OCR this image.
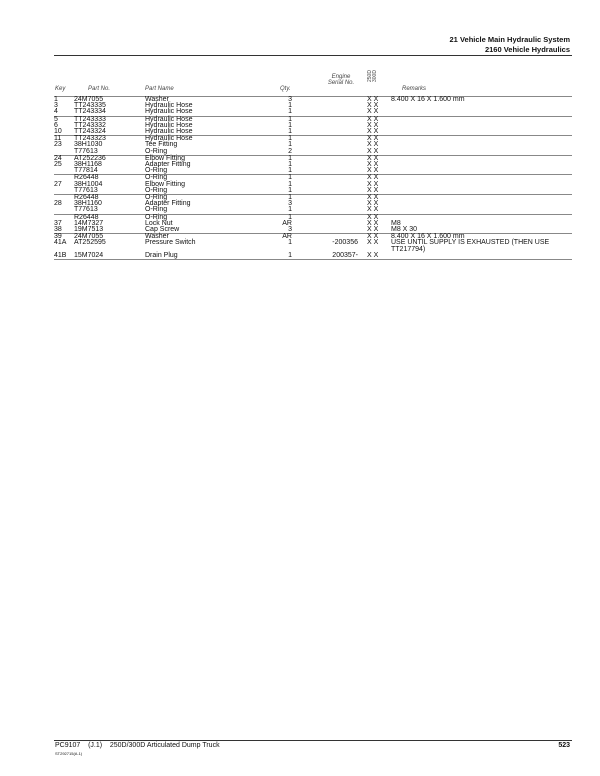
21 Vehicle Main Hydraulic System
2160 Vehicle Hydraulics
Key	Part No.	Part Name	Qty.
Engine
Serial No.
250D 300D
Remarks
1	24M7055	Washer	3		X X	8.400 X 16 X 1.600 mm
3	TT243335	Hydraulic Hose	1		X X	
4	TT243334	Hydraulic Hose	1		X X	
5	TT243333	Hydraulic Hose	1		X X	
6	TT243332	Hydraulic Hose	1		X X	
10	TT243324	Hydraulic Hose	1		X X	
11	TT243323	Hydraulic Hose	1		X X	
23	38H1030	Tee Fitting	1		X X	
	T77613	O-Ring	2		X X	
24	AT252236	Elbow Fitting	1		X X	
25	38H1168	Adapter Fitting	1		X X	
	T77814	O-Ring	1		X X	
	R26448	O-Ring	1		X X	
27	38H1004	Elbow Fitting	1		X X	
	T77613	O-Ring	1		X X	
	R26448	O-Ring	1		X X	
28	38H1160	Adapter Fitting	3		X X	
	T77613	O-Ring	1		X X	
	R26448	O-Ring	1		X X	
37	14M7327	Lock Nut	AR		X X	M8
38	19M7513	Cap Screw	3		X X	M8 X 30
39	24M7055	Washer	AR		X X	8.400 X 16 X 1.600 mm
41A	AT252595	Pressure Switch	1	-200356	X X	USE UNTIL SUPPLY IS EXHAUSTED (THEN USE TT217794)
41B	15M7024	Drain Plug	1	200357-	X X	
PC9107 (J.1) 250D/300D Articulated Dump Truck
ST292715(A.1)
523
